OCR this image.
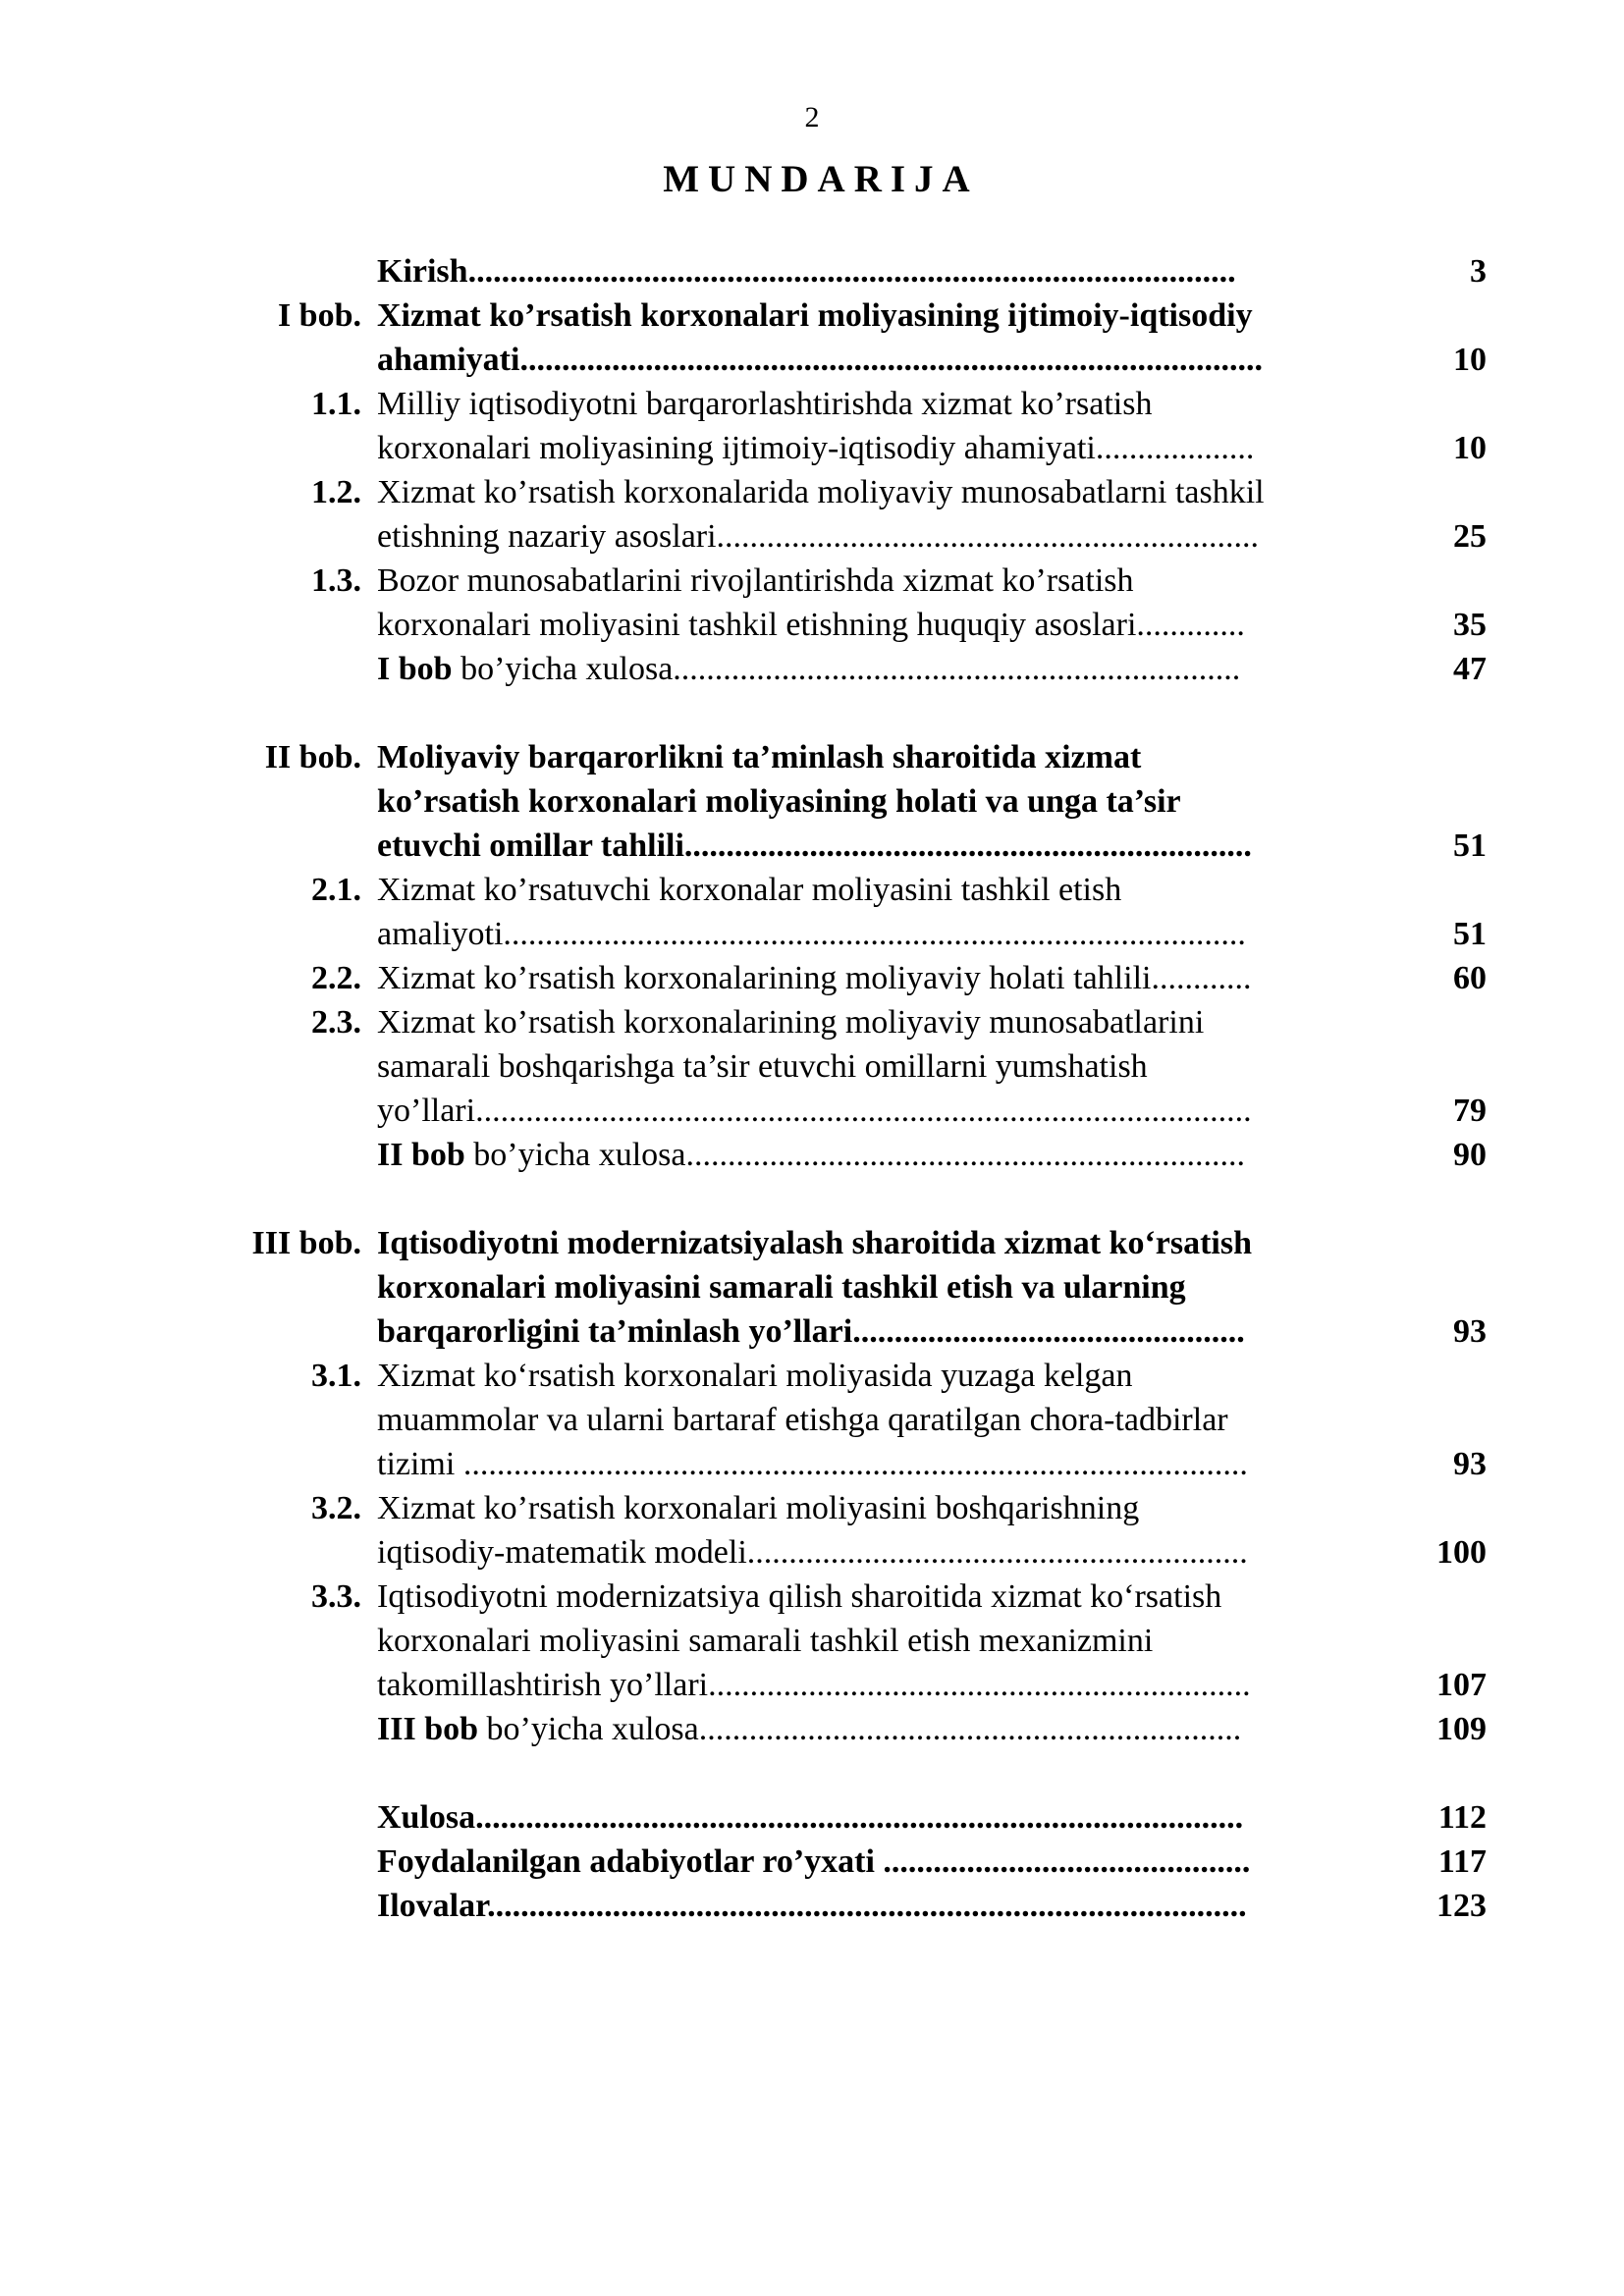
2
MUNDARIJA
Kirish............................................................................................	3
I bob. Xizmat ko’rsatish korxonalari moliyasining ijtimoiy-iqtisodiy
ahamiyati.........................................................................................	10
1.1. Milliy iqtisodiyotni barqarorlashtirishda xizmat ko’rsatish
korxonalari moliyasining ijtimoiy-iqtisodiy ahamiyati...................	10
1.2. Xizmat ko’rsatish korxonalarida moliyaviy munosabatlarni tashkil
etishning nazariy asoslari.................................................................	25
1.3. Bozor munosabatlarini rivojlantirishda xizmat ko’rsatish
korxonalari moliyasini tashkil etishning huquqiy asoslari.............	35
I bob bo’yicha xulosa....................................................................	47
II bob. Moliyaviy barqarorlikni ta’minlash sharoitida xizmat
ko’rsatish korxonalari moliyasining holati va unga ta’sir
etuvchi omillar tahlili....................................................................	51
2.1. Xizmat ko’rsatuvchi korxonalar moliyasini tashkil etish
amaliyoti.........................................................................................	51
2.2. Xizmat ko’rsatish korxonalarining moliyaviy holati tahlili............	60
2.3. Xizmat ko’rsatish korxonalarining moliyaviy munosabatlarini
samarali boshqarishga ta’sir etuvchi omillarni yumshatish
yo’llari.............................................................................................	79
II bob bo’yicha xulosa...................................................................	90
III bob. Iqtisodiyotni modernizatsiyalash sharoitida xizmat ko‘rsatish
korxonalari moliyasini samarali tashkil etish va ularning
barqarorligini ta’minlash yo’llari...............................................	93
3.1. Xizmat ko‘rsatish korxonalari moliyasida yuzaga kelgan
muammolar va ularni bartaraf etishga qaratilgan chora-tadbirlar
tizimi ..............................................................................................	93
3.2. Xizmat ko’rsatish korxonalari moliyasini boshqarishning
iqtisodiy-matematik modeli............................................................	100
3.3. Iqtisodiyotni modernizatsiya qilish sharoitida xizmat ko‘rsatish
korxonalari moliyasini samarali tashkil etish mexanizmini
takomillashtirish yo’llari.................................................................	107
III bob bo’yicha xulosa.................................................................	109
Xulosa............................................................................................	112
Foydalanilgan adabiyotlar ro’yxati ............................................	117
Ilovalar...........................................................................................	123
